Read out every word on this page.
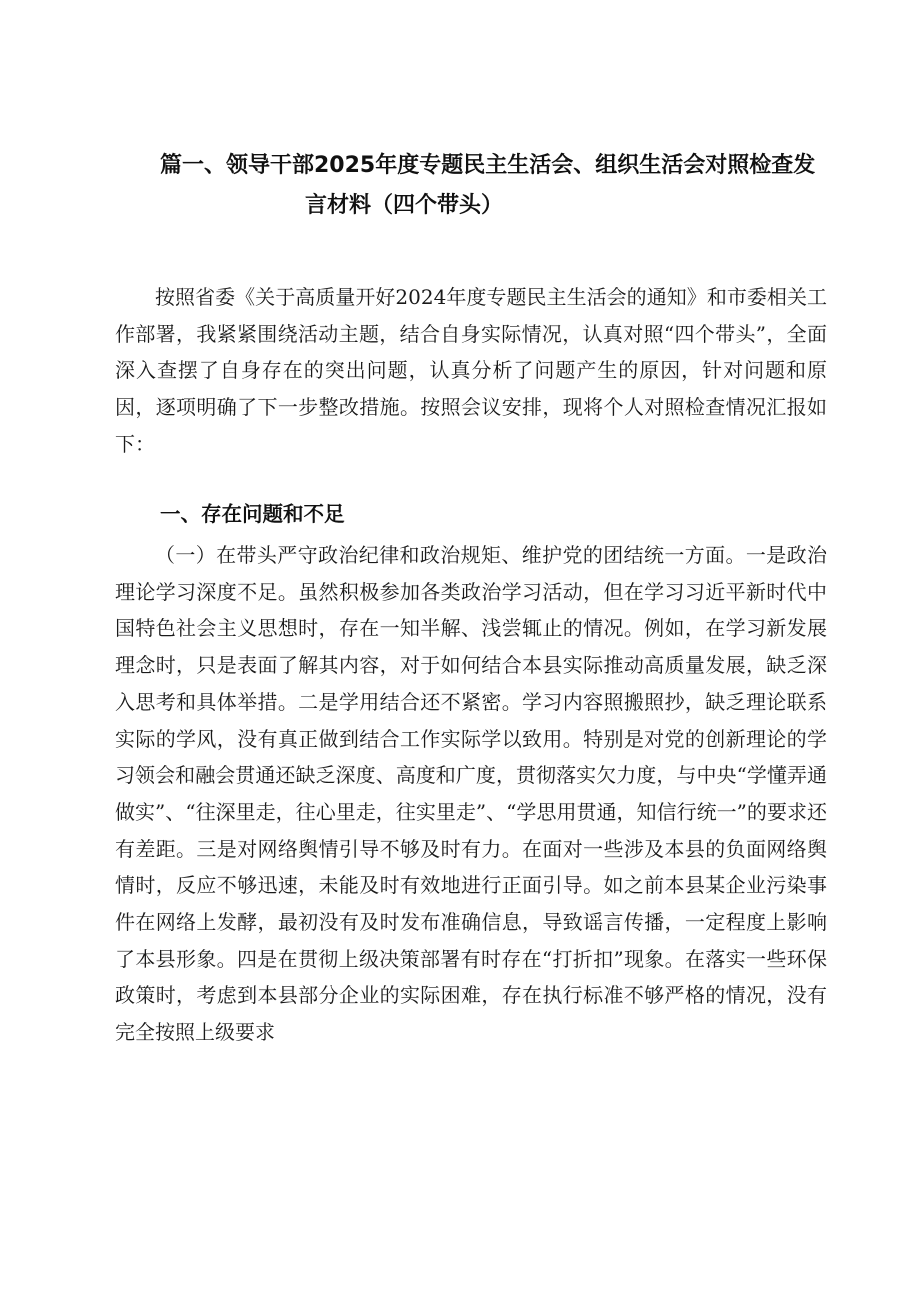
篇一、领导干部2025年度专题民主生活会、组织生活会对照检查发
言材料（四个带头）

按照省委《关于高质量开好2024年度专题民主生活会的通知》和市委相关工作部署，我紧紧围绕活动主题，结合自身实际情况，认真对照“四个带头”，全面深入查摆了自身存在的突出问题，认真分析了问题产生的原因，针对问题和原因，逐项明确了下一步整改措施。按照会议安排，现将个人对照检查情况汇报如下：

一、存在问题和不足

（一）在带头严守政治纪律和政治规矩、维护党的团结统一方面。一是政治理论学习深度不足。虽然积极参加各类政治学习活动，但在学习习近平新时代中国特色社会主义思想时，存在一知半解、浅尝辄止的情况。例如，在学习新发展理念时，只是表面了解其内容，对于如何结合本县实际推动高质量发展，缺乏深入思考和具体举措。二是学用结合还不紧密。学习内容照搬照抄，缺乏理论联系实际的学风，没有真正做到结合工作实际学以致用。特别是对党的创新理论的学习领会和融会贯通还缺乏深度、高度和广度，贯彻落实欠力度，与中央“学懂弄通做实”、“往深里走，往心里走，往实里走”、“学思用贯通，知信行统一”的要求还有差距。三是对网络舆情引导不够及时有力。在面对一些涉及本县的负面网络舆情时，反应不够迅速，未能及时有效地进行正面引导。如之前本县某企业污染事件在网络上发酵，最初没有及时发布准确信息，导致谣言传播，一定程度上影响了本县形象。四是在贯彻上级决策部署有时存在“打折扣”现象。在落实一些环保政策时，考虑到本县部分企业的实际困难，存在执行标准不够严格的情况，没有完全按照上级要求
